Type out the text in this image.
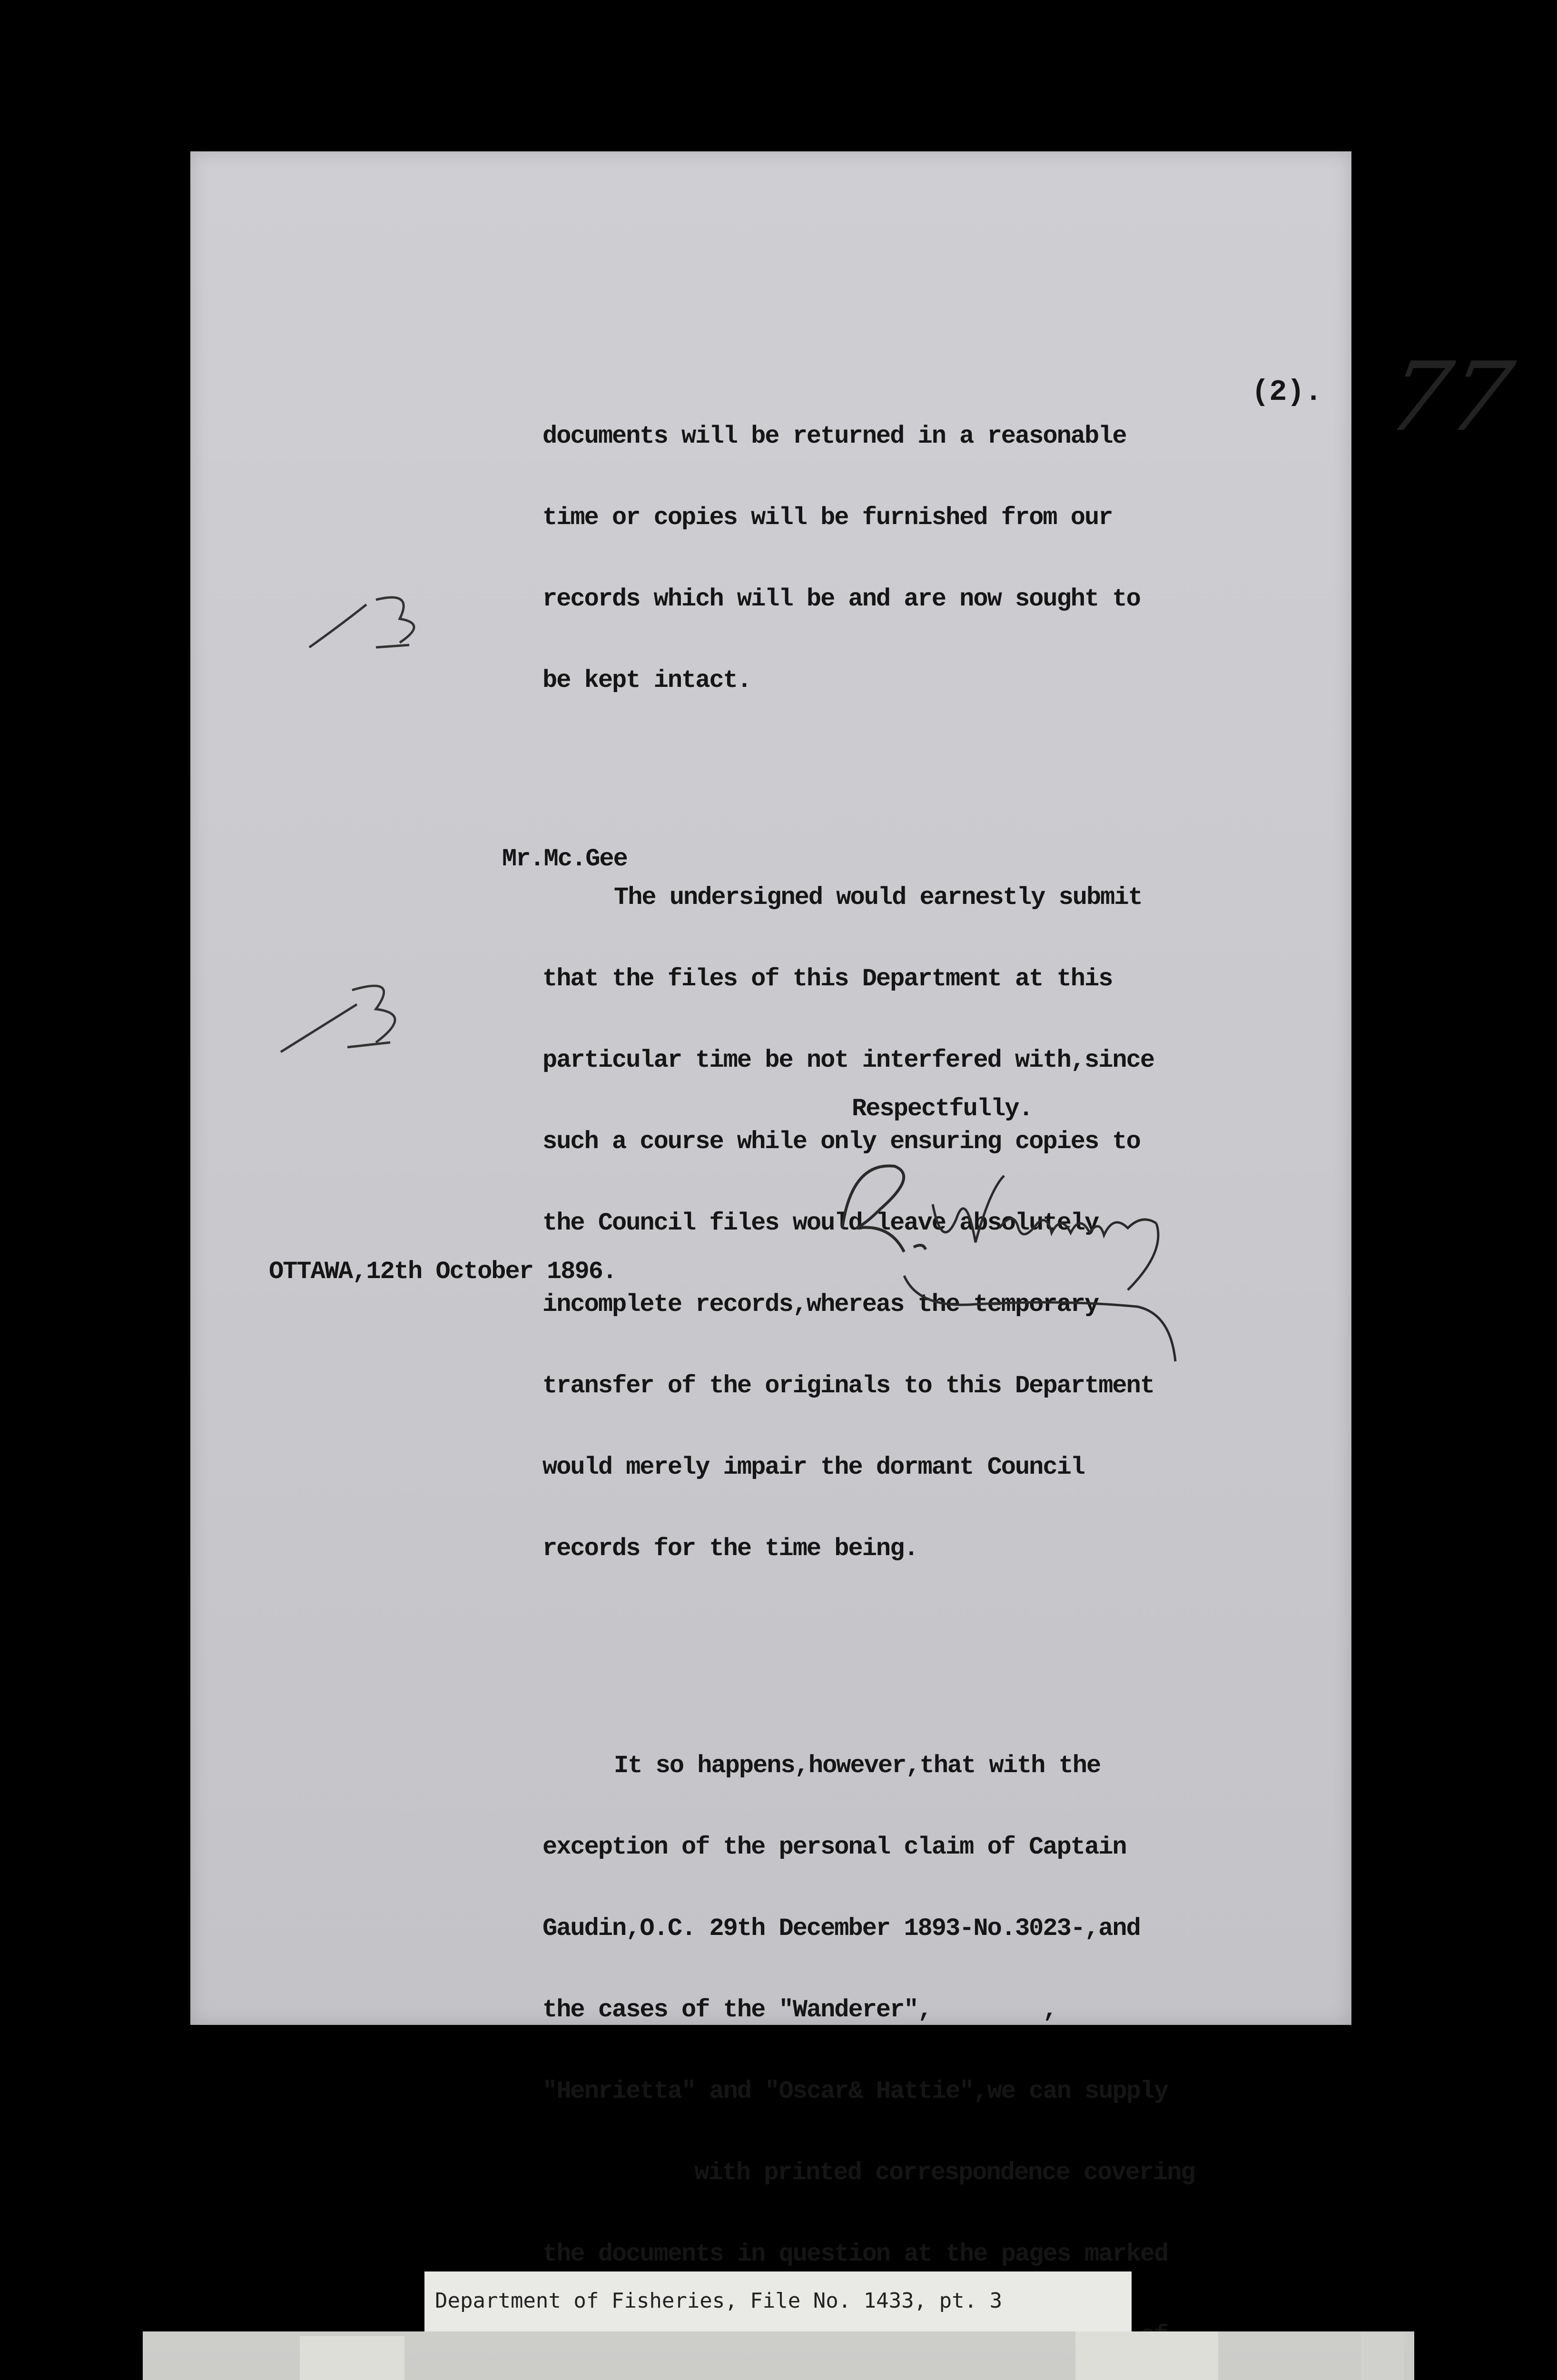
(2). 77

documents will be returned in a reasonable

time or copies will be furnished from our

records which will be and are now sought to

be kept intact.

The undersigned would earnestly submit

that the files of this Department at this

particular time be not interfered with,since

such a course while only ensuring copies to

the Council files would leave absolutely

incomplete records,whereas the temporary

transfer of the originals to this Department

would merely impair the dormant Council

records for the time being.

It so happens,however,that with the

exception of the personal claim of Captain

Gaudin,O.C. 29th December 1893-No.3023-,and

the cases of the "Wanderer",        ,

"Henrietta" and "Oscar& Hattie",we can supply

with printed correspondence covering

the documents in question at the pages marked

Mr.Mc.Gee
Respectfully.
OTTAWA,12th October 1896.
Department of Fisheries, File No. 1433, pt. 3
